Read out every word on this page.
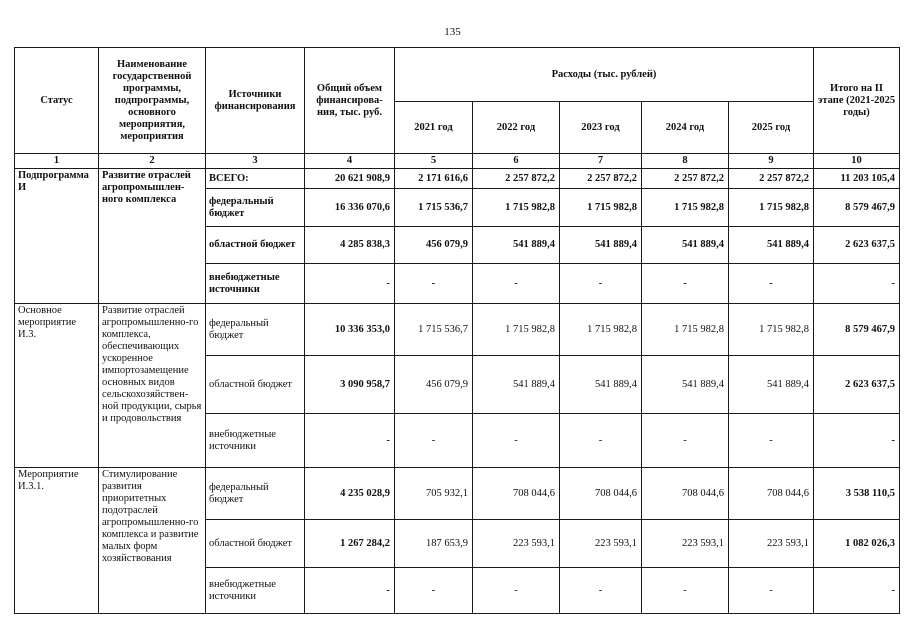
135
Статус	Наименование государственной программы, подпрограммы, основного мероприятия, мероприятия	Источники финансирования	Общий объем финансирова-ния, тыс. руб.	Расходы (тыс. рублей)					Итого на II этапе (2021-2025 годы)
				2021 год	2022 год	2023 год	2024 год	2025 год	
1	2	3	4	5	6	7	8	9	10
Подпрограмма И	Развитие отраслей агропромышлен-ного комплекса	ВСЕГО:	20 621 908,9	2 171 616,6	2 257 872,2	2 257 872,2	2 257 872,2	2 257 872,2	11 203 105,4
		федеральный бюджет	16 336 070,6	1 715 536,7	1 715 982,8	1 715 982,8	1 715 982,8	1 715 982,8	8 579 467,9
		областной бюджет	4 285 838,3	456 079,9	541 889,4	541 889,4	541 889,4	541 889,4	2 623 637,5
		внебюджетные источники	-	-	-	-	-	-	-
Основное мероприятие И.3.	Развитие отраслей агропромышленно-го комплекса, обеспечивающих ускоренное импортозамещение основных видов сельскохозяйствен-ной продукции, сырья и продовольствия	федеральный бюджет	10 336 353,0	1 715 536,7	1 715 982,8	1 715 982,8	1 715 982,8	1 715 982,8	8 579 467,9
		областной бюджет	3 090 958,7	456 079,9	541 889,4	541 889,4	541 889,4	541 889,4	2 623 637,5
		внебюджетные источники	-	-	-	-	-	-	-
Мероприятие И.3.1.	Стимулирование развития приоритетных подотраслей агропромышленно-го комплекса и развитие малых форм хозяйствования	федеральный бюджет	4 235 028,9	705 932,1	708 044,6	708 044,6	708 044,6	708 044,6	3 538 110,5
		областной бюджет	1 267 284,2	187 653,9	223 593,1	223 593,1	223 593,1	223 593,1	1 082 026,3
		внебюджетные источники	-	-	-	-	-	-	-
